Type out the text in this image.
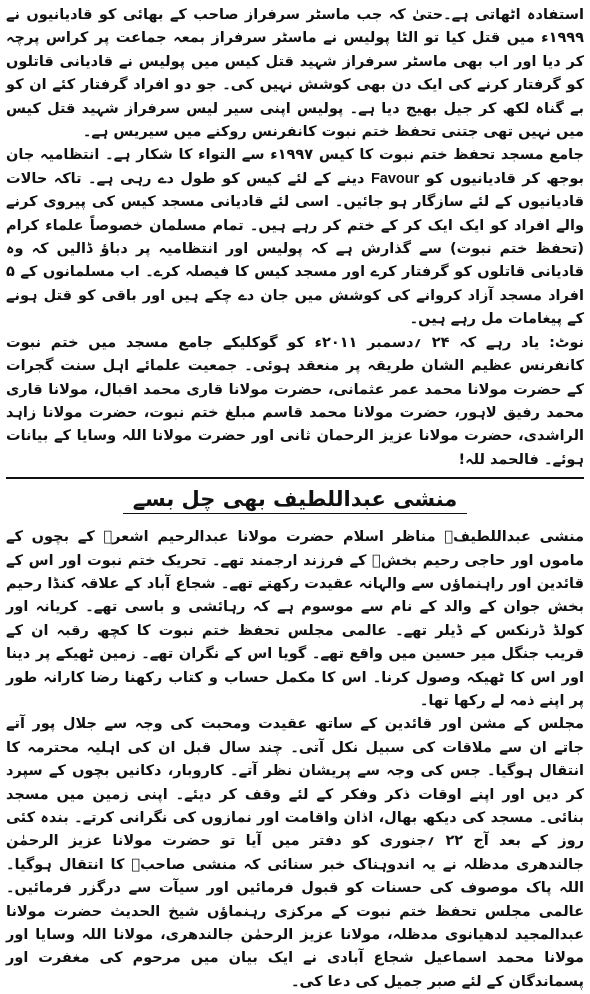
استفادہ اٹھاتی ہے۔حتیٰ کہ جب ماسٹر سرفراز صاحب کے بھائی کو قادیانیوں نے ۱۹۹۹ء میں قتل کیا تو الٹا پولیس نے ماسٹر سرفراز بمعہ جماعت پر کراس پرچہ کر دیا اور اب بھی ماسٹر سرفراز شہید قتل کیس میں پولیس نے قادیانی قاتلوں کو گرفتار کرنے کی ایک دن بھی کوشش نہیں کی۔ جو دو افراد گرفتار کئے ان کو بے گناہ لکھ کر جیل بھیج دیا ہے۔ پولیس اپنی سیر لیس سرفراز شہید قتل کیس میں نہیں تھی جتنی تحفظ ختم نبوت کانفرنس روکنے میں سیریس ہے۔

جامع مسجد تحفظ ختم نبوت کا کیس ۱۹۹۷ء سے التواء کا شکار ہے۔ انتظامیہ جان بوجھ کر قادیانیوں کو Favour دینے کے لئے کیس کو طول دے رہی ہے۔ تاکہ حالات قادیانیوں کے لئے سازگار ہو جائیں۔ اسی لئے قادیانی مسجد کیس کی پیروی کرنے والے افراد کو ایک ایک کر کے ختم کر رہے ہیں۔ تمام مسلمان خصوصاً علماء کرام (تحفظ ختم نبوت) سے گذارش ہے کہ پولیس اور انتظامیہ پر دباؤ ڈالیں کہ وہ قادیانی قاتلوں کو گرفتار کرے اور مسجد کیس کا فیصلہ کرے۔ اب مسلمانوں کے ۵ افراد مسجد آزاد کروانے کی کوشش میں جان دے چکے ہیں اور باقی کو قتل ہونے کے پیغامات مل رہے ہیں۔

نوٹ: یاد رہے کہ ۲۴ ؍دسمبر ۲۰۱۱ء کو گوکلیکے جامع مسجد میں ختم نبوت کانفرنس عظیم الشان طریقہ پر منعقد ہوئی۔ جمعیت علمائے اہل سنت گجرات کے حضرت مولانا محمد عمر عثمانی، حضرت مولانا قاری محمد اقبال، مولانا قاری محمد رفیق لاہور، حضرت مولانا محمد قاسم مبلغ ختم نبوت، حضرت مولانا زاہد الراشدی، حضرت مولانا عزیز الرحمان ثانی اور حضرت مولانا اللہ وسایا کے بیانات ہوئے۔ فالحمد للہ!

منشی عبداللطیف بھی چل بسے

منشی عبداللطیفؒ مناظر اسلام حضرت مولانا عبدالرحیم اشعرؒ کے بچوں کے ماموں اور حاجی رحیم بخشؒ کے فرزند ارجمند تھے۔ تحریک ختم نبوت اور اس کے قائدین اور راہنماؤں سے والہانہ عقیدت رکھتے تھے۔ شجاع آباد کے علاقہ کنڈا رحیم بخش جوان کے والد کے نام سے موسوم ہے کہ رہائشی و باسی تھے۔ کریانہ اور کولڈ ڈرنکس کے ڈیلر تھے۔ عالمی مجلس تحفظ ختم نبوت کا کچھ رقبہ ان کے قریب جنگل میر حسین میں واقع تھے۔ گویا اس کے نگران تھے۔ زمین ٹھیکے پر دینا اور اس کا ٹھیکہ وصول کرنا۔ اس کا مکمل حساب و کتاب رکھنا رضا کارانہ طور پر اپنے ذمہ لے رکھا تھا۔

مجلس کے مشن اور قائدین کے ساتھ عقیدت ومحبت کی وجہ سے جلال پور آتے جاتے ان سے ملاقات کی سبیل نکل آتی۔ چند سال قبل ان کی اہلیہ محترمہ کا انتقال ہوگیا۔ جس کی وجہ سے پریشان نظر آتے۔ کاروبار، دکانیں بچوں کے سپرد کر دیں اور اپنے اوقات ذکر وفکر کے لئے وقف کر دیئے۔ اپنی زمین میں مسجد بنائی۔ مسجد کی دیکھ بھال، اذان واقامت اور نمازوں کی نگرانی کرتے۔ بندہ کئی روز کے بعد آج ۲۲ ؍جنوری کو دفتر میں آیا تو حضرت مولانا عزیز الرحمٰن جالندھری مدظلہ نے یہ اندوہناک خبر سنائی کہ منشی صاحبؒ کا انتقال ہوگیا۔ اللہ پاک موصوف کی حسنات کو قبول فرمائیں اور سیآت سے درگزر فرمائیں۔ عالمی مجلس تحفظ ختم نبوت کے مرکزی رہنماؤں شیخ الحدیث حضرت مولانا عبدالمجید لدھیانوی مدظلہ، مولانا عزیز الرحمٰن جالندھری، مولانا اللہ وسایا اور مولانا محمد اسماعیل شجاع آبادی نے ایک بیان میں مرحوم کی مغفرت اور پسماندگان کے لئے صبر جمیل کی دعا کی۔
